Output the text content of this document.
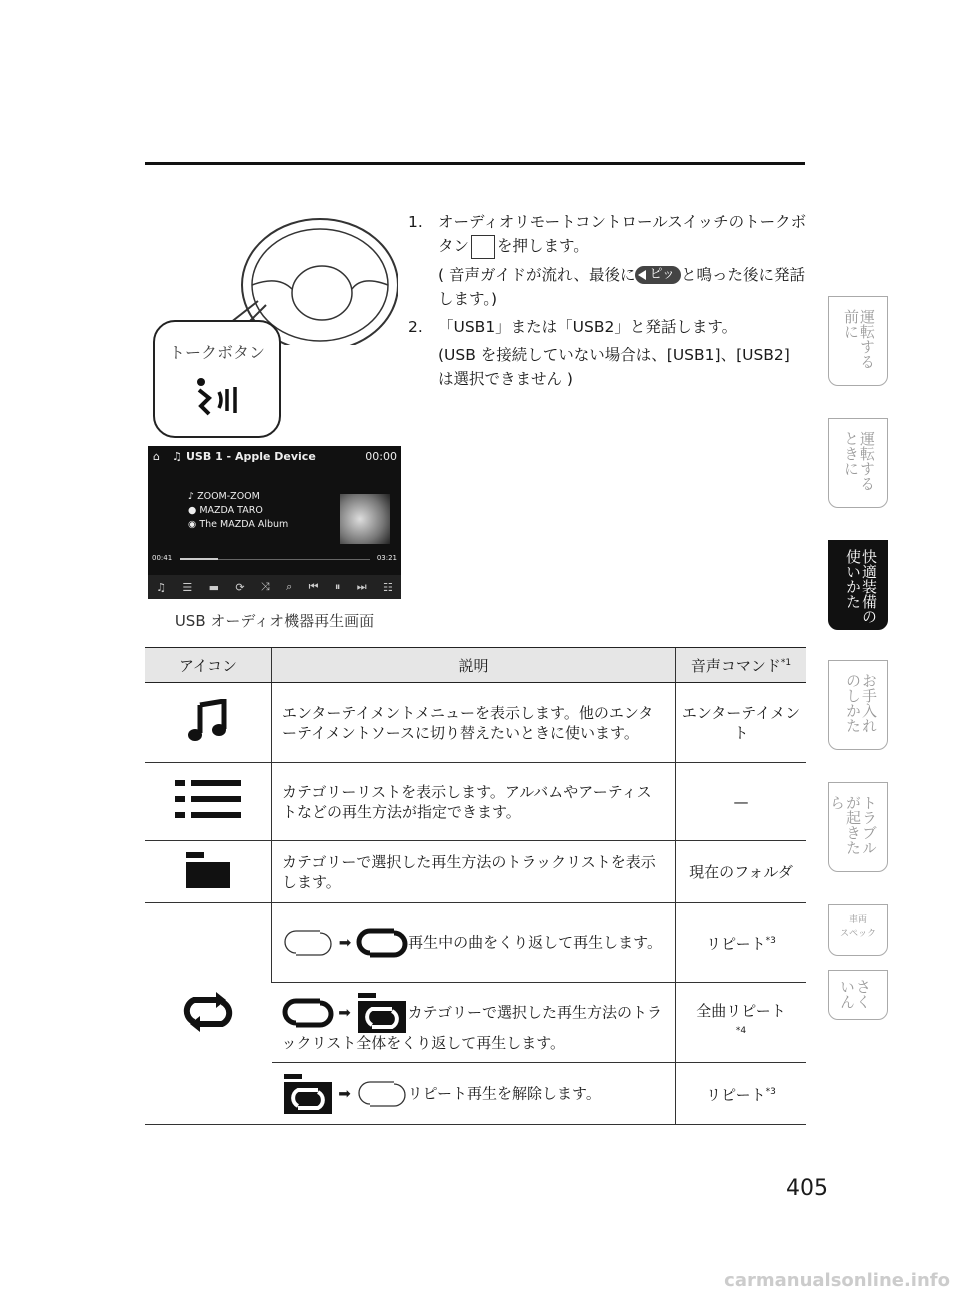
トークボタン
1. オーディオリモートコントロールスイッチのトークボタン を押します。
( 音声ガイドが流れ、最後に ピッ と鳴った後に発話します。)
2. 「USB1」または「USB2」と発話します。
(USB を接続していない場合は、[USB1]、[USB2] は選択できません )
⌂ ♫ USB 1 - Apple Device	00:00
♪ ZOOM-ZOOM
● MAZDA TARO
◉ The MAZDA Album
00:41	03:21
♫ ☰ ▬ ⟳ ⤨ ⌕ ⏮ ⏸ ⏭ ☷
USB オーディオ機器再生画面
運転する前に
運転するときに
快適装備の使いかた
お手入れのしかた
トラブルが起きたら
車両
スペック
さくいん
アイコン	説明	音声コマンド$^{*1}$
	エンターテイメントメニューを表示します。他のエンターテイメントソースに切り替えたいときに使います。	エンターテイメント
	カテゴリーリストを表示します。アルバムやアーティストなどの再生方法が指定できます。	—
	カテゴリーで選択した再生方法のトラックリストを表示します。	現在のフォルダ
	➡ 再生中の曲をくり返して再生します。	リピート$^{*3}$
	➡ カテゴリーで選択した再生方法のトラックリスト全体をくり返して再生します。	全曲リピート
$^{*4}$
	➡ リピート再生を解除します。	リピート$^{*3}$
405
carmanualsonline.info
